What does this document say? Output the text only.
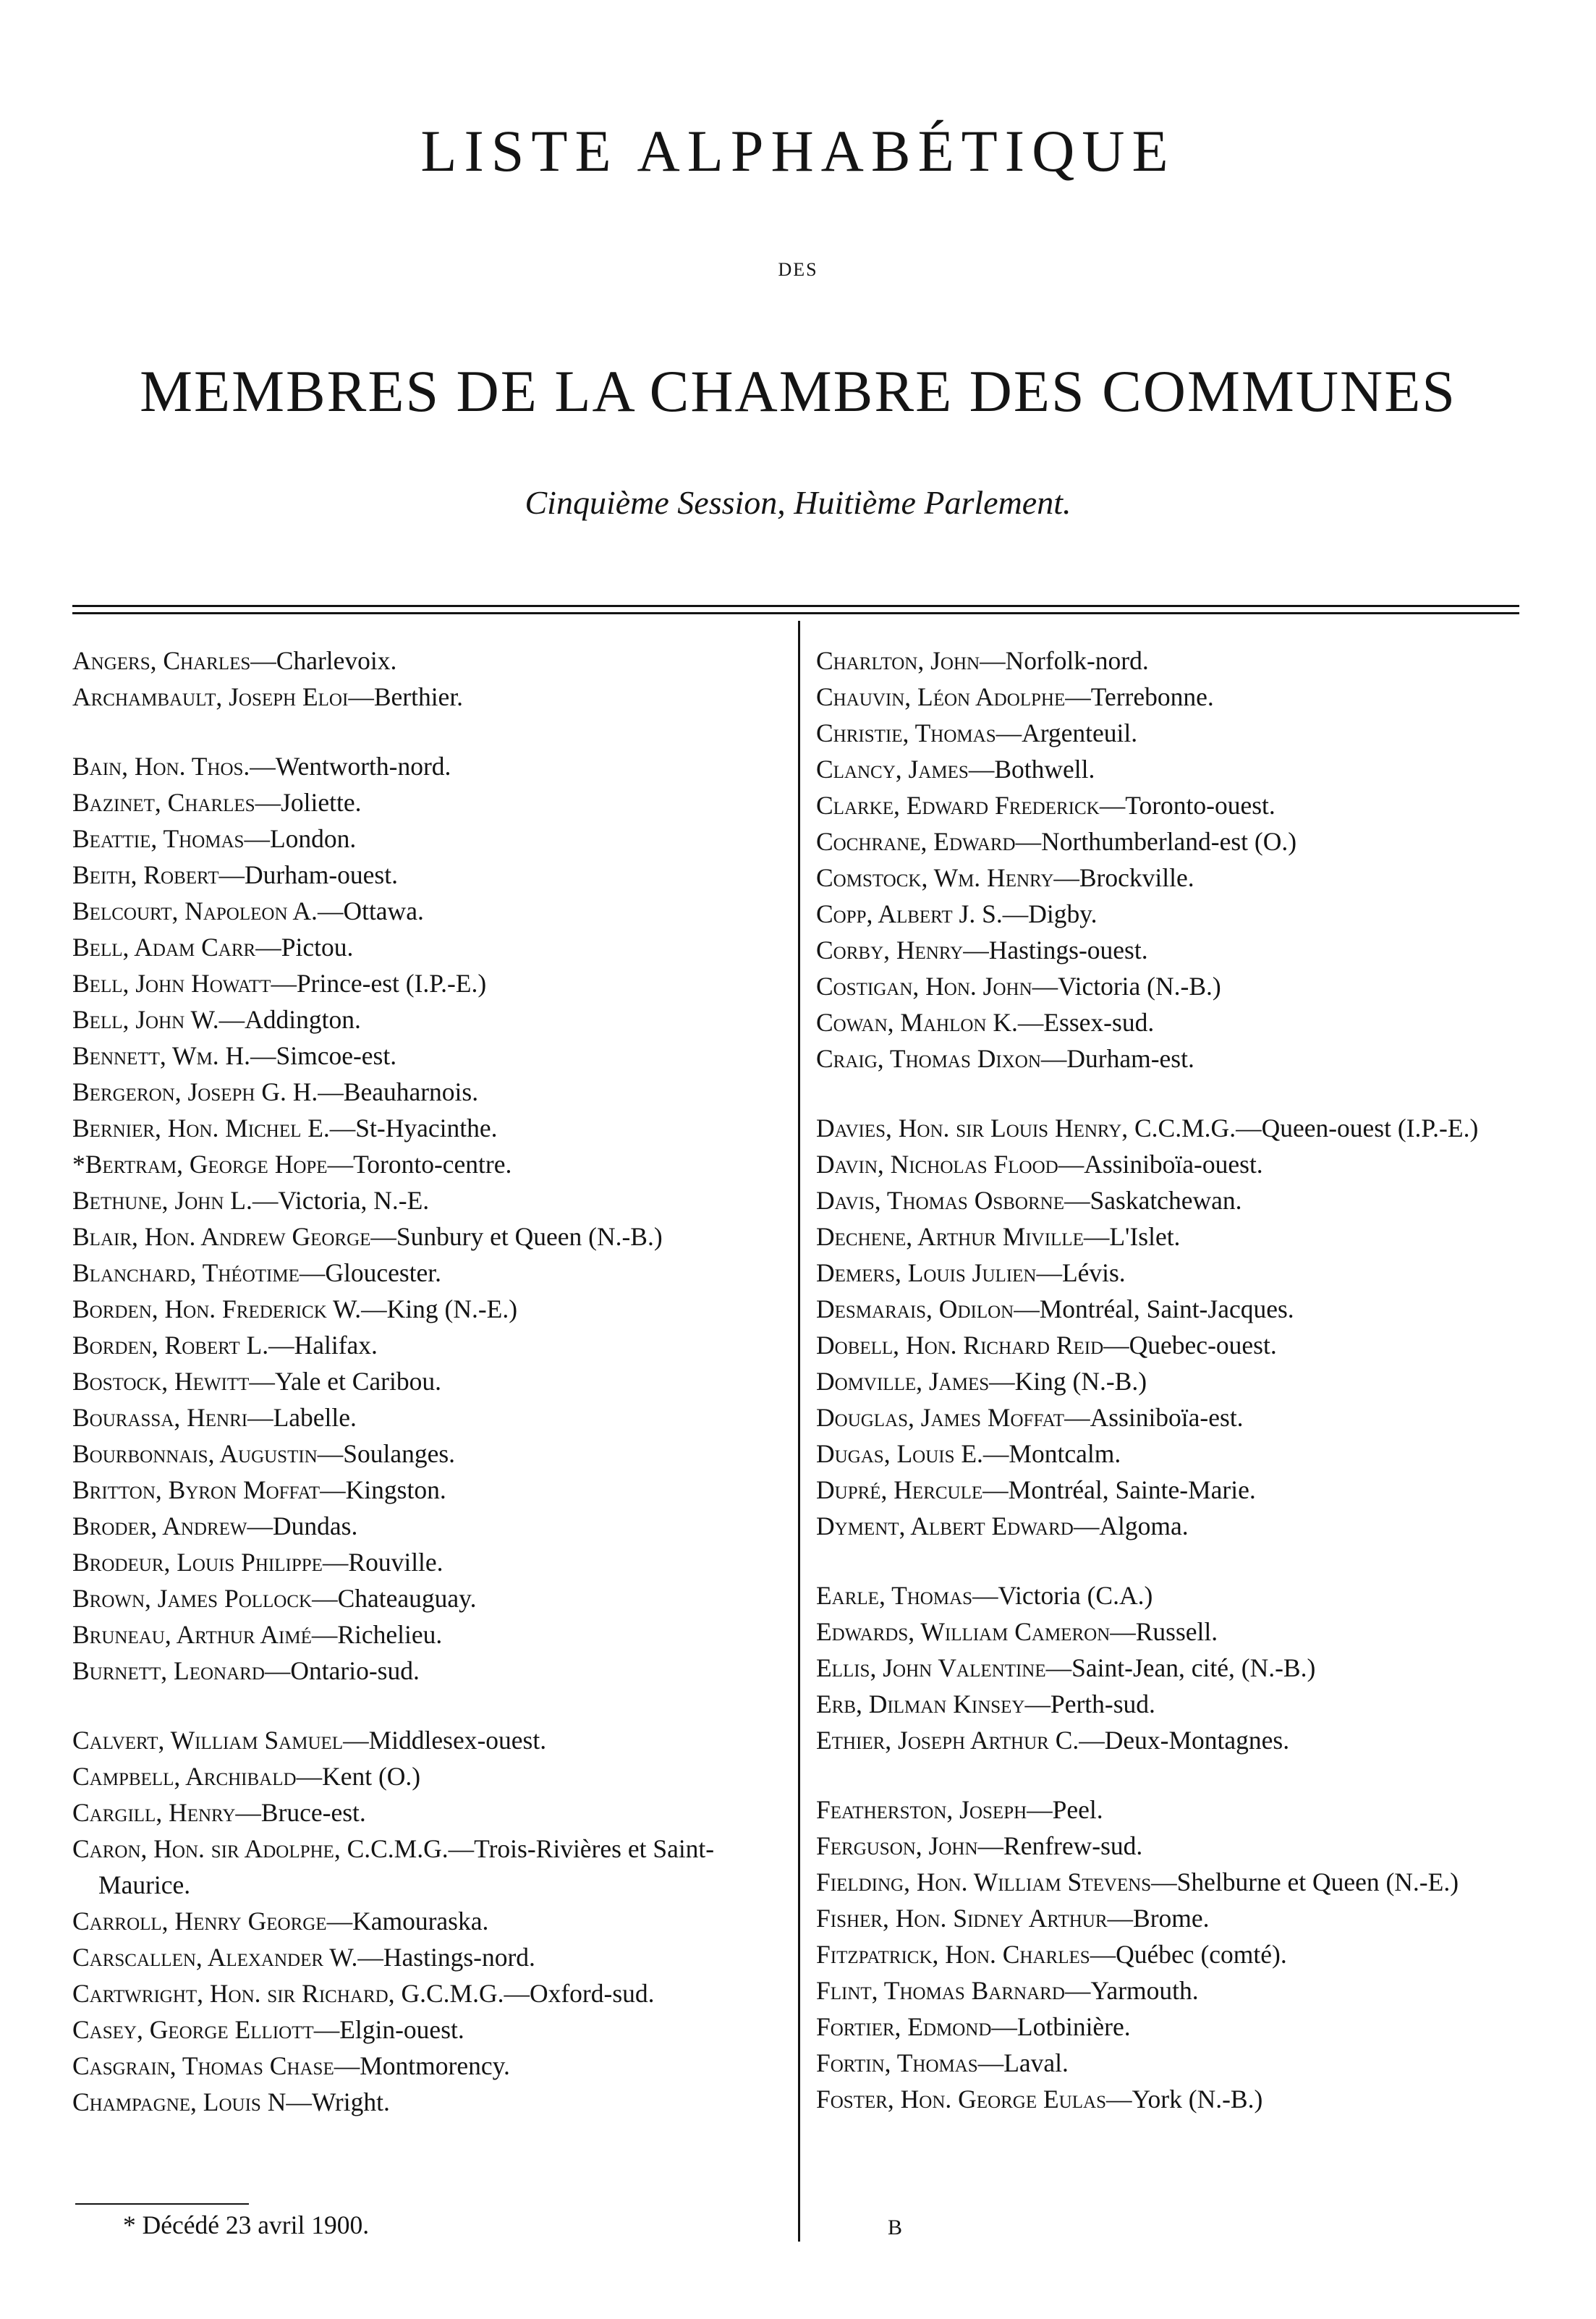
LISTE ALPHABÉTIQUE
DES
MEMBRES DE LA CHAMBRE DES COMMUNES
Cinquième Session, Huitième Parlement.
Angers, Charles—Charlevoix.
Archambault, Joseph Eloi—Berthier.
Bain, Hon. Thos.—Wentworth-nord.
Bazinet, Charles—Joliette.
Beattie, Thomas—London.
Beith, Robert—Durham-ouest.
Belcourt, Napoleon A.—Ottawa.
Bell, Adam Carr—Pictou.
Bell, John Howatt—Prince-est (I.P.-E.)
Bell, John W.—Addington.
Bennett, Wm. H.—Simcoe-est.
Bergeron, Joseph G. H.—Beauharnois.
Bernier, Hon. Michel E.—St-Hyacinthe.
*Bertram, George Hope—Toronto-centre.
Bethune, John L.—Victoria, N.-E.
Blair, Hon. Andrew George—Sunbury et Queen (N.-B.)
Blanchard, Théotime—Gloucester.
Borden, Hon. Frederick W.—King (N.-E.)
Borden, Robert L.—Halifax.
Bostock, Hewitt—Yale et Caribou.
Bourassa, Henri—Labelle.
Bourbonnais, Augustin—Soulanges.
Britton, Byron Moffat—Kingston.
Broder, Andrew—Dundas.
Brodeur, Louis Philippe—Rouville.
Brown, James Pollock—Chateauguay.
Bruneau, Arthur Aimé—Richelieu.
Burnett, Leonard—Ontario-sud.
Calvert, William Samuel—Middlesex-ouest.
Campbell, Archibald—Kent (O.)
Cargill, Henry—Bruce-est.
Caron, Hon. sir Adolphe, C.C.M.G.—Trois-Rivières et Saint-Maurice.
Carroll, Henry George—Kamouraska.
Carscallen, Alexander W.—Hastings-nord.
Cartwright, Hon. sir Richard, G.C.M.G.—Oxford-sud.
Casey, George Elliott—Elgin-ouest.
Casgrain, Thomas Chase—Montmorency.
Champagne, Louis N—Wright.
Charlton, John—Norfolk-nord.
Chauvin, Léon Adolphe—Terrebonne.
Christie, Thomas—Argenteuil.
Clancy, James—Bothwell.
Clarke, Edward Frederick—Toronto-ouest.
Cochrane, Edward—Northumberland-est (O.)
Comstock, Wm. Henry—Brockville.
Copp, Albert J. S.—Digby.
Corby, Henry—Hastings-ouest.
Costigan, Hon. John—Victoria (N.-B.)
Cowan, Mahlon K.—Essex-sud.
Craig, Thomas Dixon—Durham-est.
Davies, Hon. sir Louis Henry, C.C.M.G.—Queen-ouest (I.P.-E.)
Davin, Nicholas Flood—Assiniboïa-ouest.
Davis, Thomas Osborne—Saskatchewan.
Dechene, Arthur Miville—L'Islet.
Demers, Louis Julien—Lévis.
Desmarais, Odilon—Montréal, Saint-Jacques.
Dobell, Hon. Richard Reid—Quebec-ouest.
Domville, James—King (N.-B.)
Douglas, James Moffat—Assiniboïa-est.
Dugas, Louis E.—Montcalm.
Dupré, Hercule—Montréal, Sainte-Marie.
Dyment, Albert Edward—Algoma.
Earle, Thomas—Victoria (C.A.)
Edwards, William Cameron—Russell.
Ellis, John Valentine—Saint-Jean, cité, (N.-B.)
Erb, Dilman Kinsey—Perth-sud.
Ethier, Joseph Arthur C.—Deux-Montagnes.
Featherston, Joseph—Peel.
Ferguson, John—Renfrew-sud.
Fielding, Hon. William Stevens—Shelburne et Queen (N.-E.)
Fisher, Hon. Sidney Arthur—Brome.
Fitzpatrick, Hon. Charles—Québec (comté).
Flint, Thomas Barnard—Yarmouth.
Fortier, Edmond—Lotbinière.
Fortin, Thomas—Laval.
Foster, Hon. George Eulas—York (N.-B.)
* Décédé 23 avril 1900.	B
